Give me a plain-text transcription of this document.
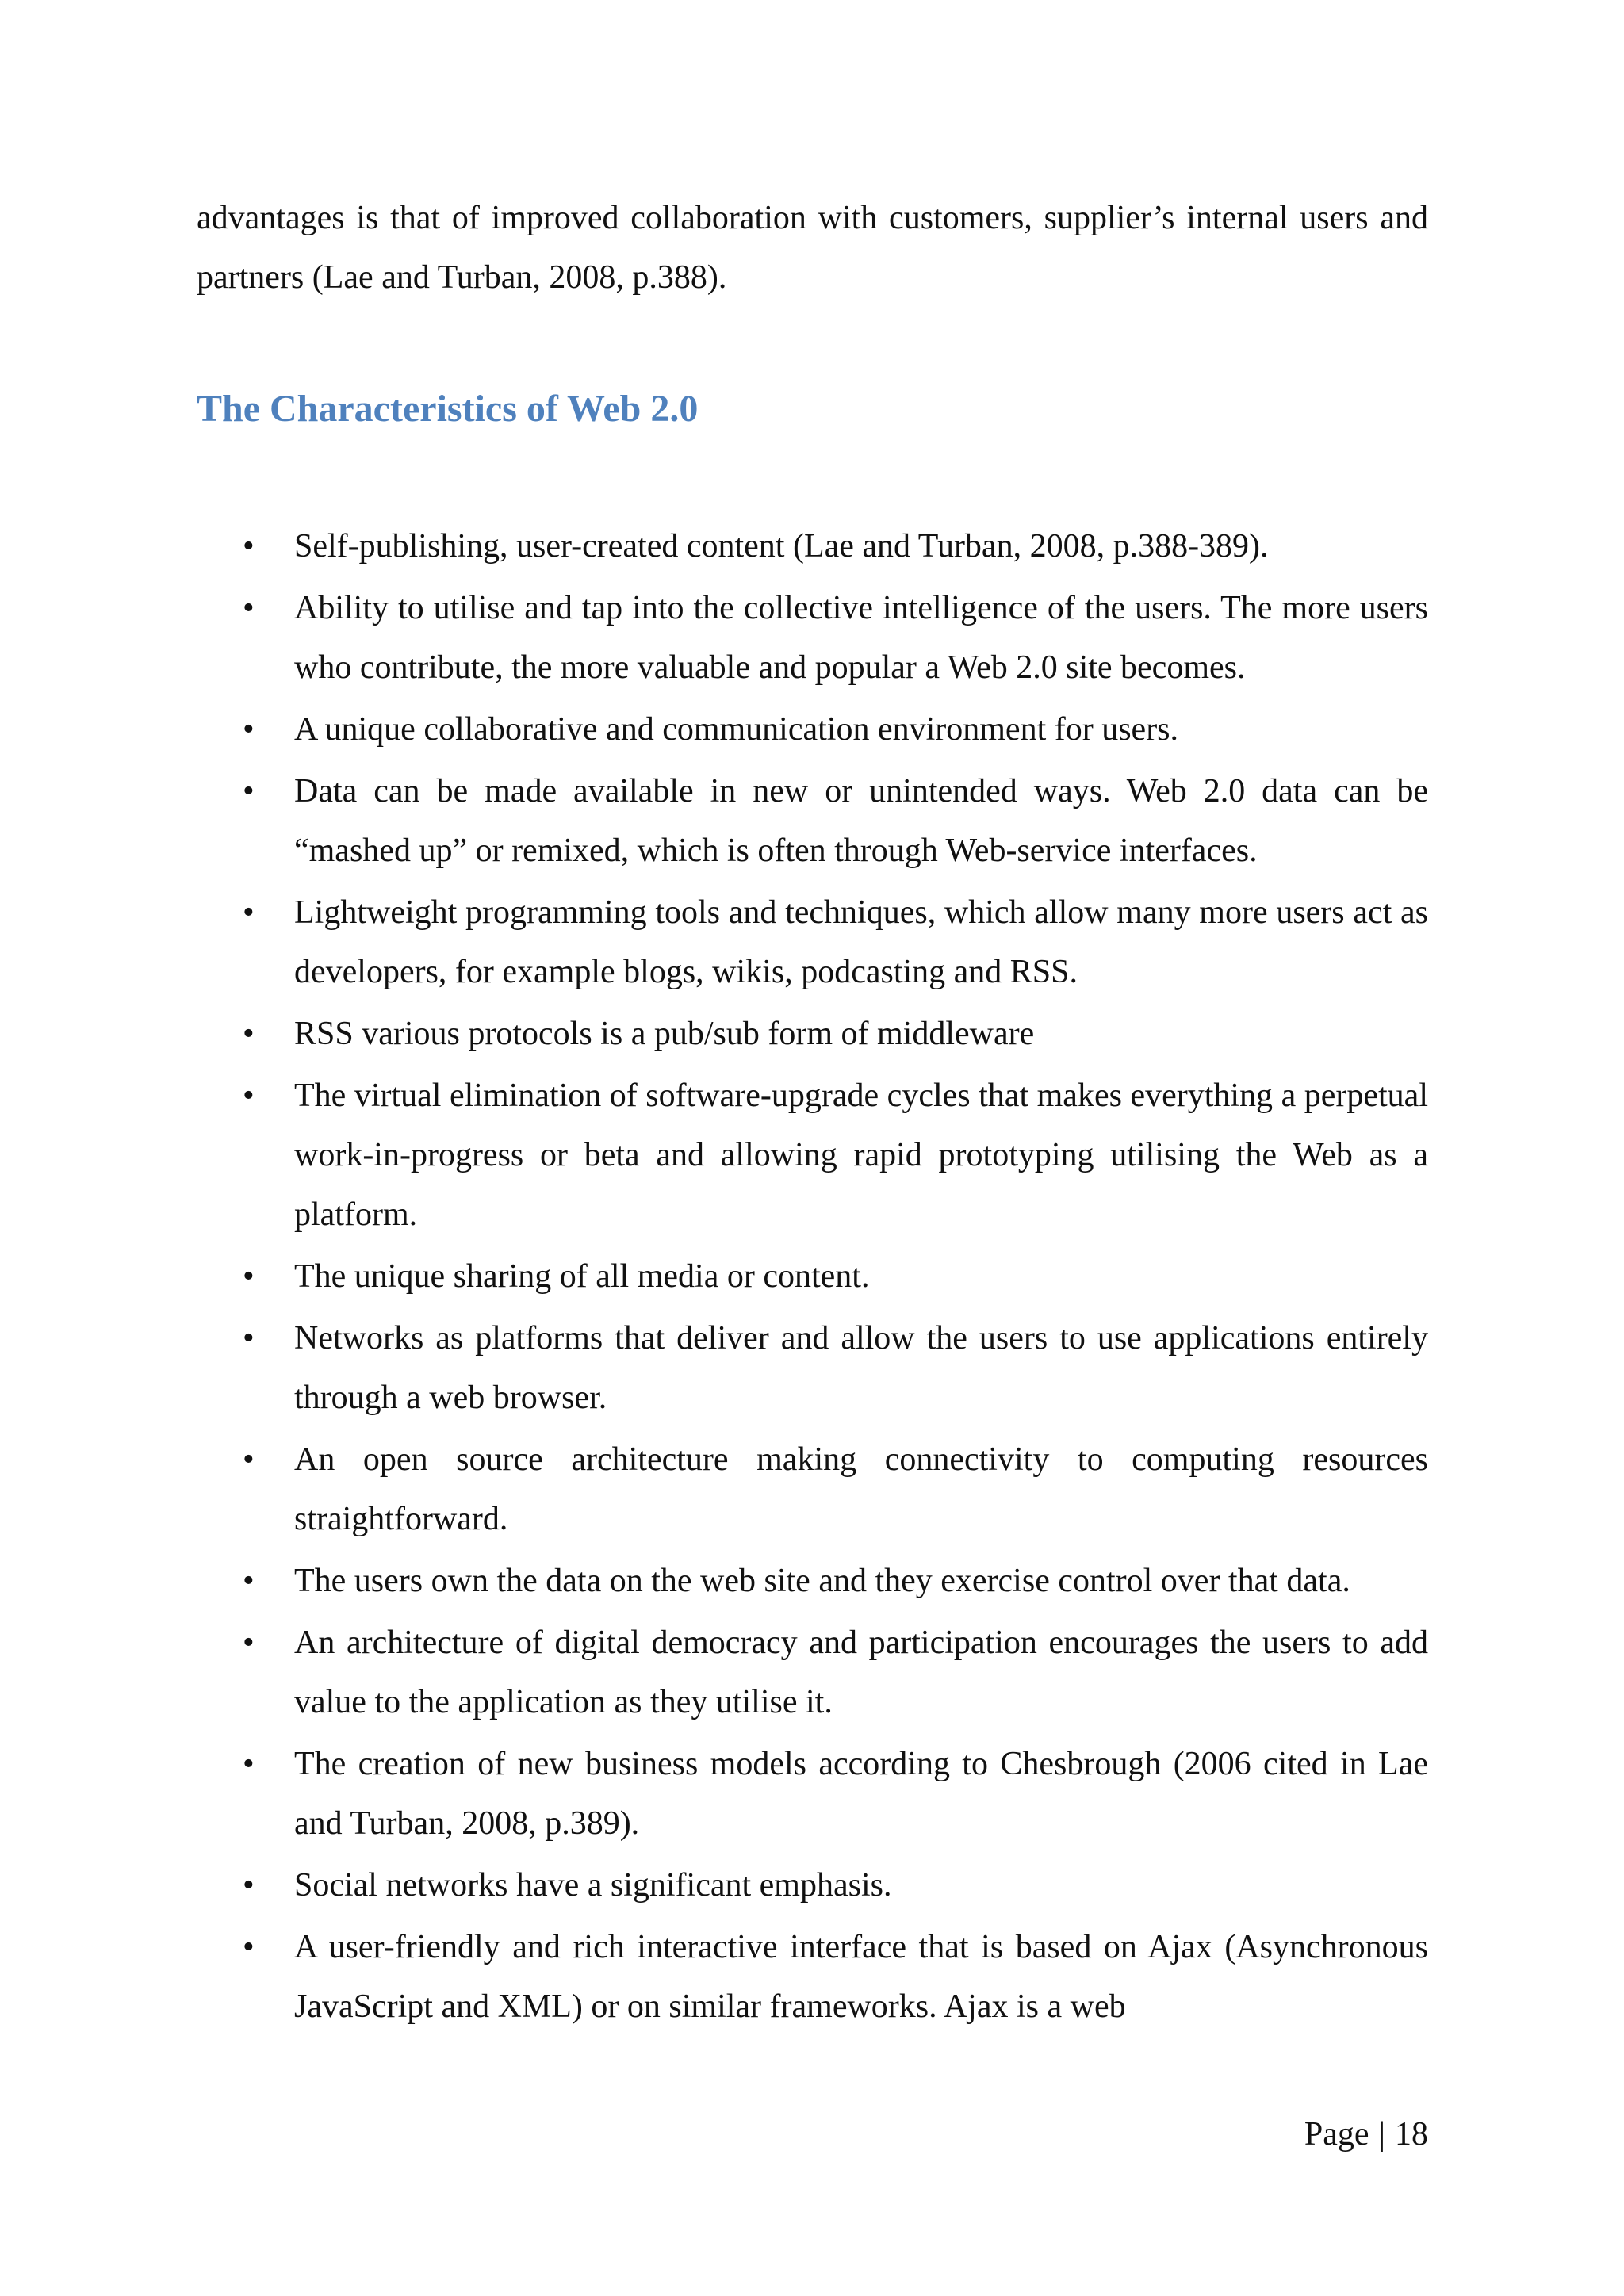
advantages is that of improved collaboration with customers, supplier’s internal users and partners (Lae and Turban, 2008, p.388).

The Characteristics of Web 2.0
• Self-publishing, user-created content (Lae and Turban, 2008, p.388-389).
• Ability to utilise and tap into the collective intelligence of the users. The more users who contribute, the more valuable and popular a Web 2.0 site becomes.
• A unique collaborative and communication environment for users.
• Data can be made available in new or unintended ways. Web 2.0 data can be “mashed up” or remixed, which is often through Web-service interfaces.
• Lightweight programming tools and techniques, which allow many more users act as developers, for example blogs, wikis, podcasting and RSS.
• RSS various protocols is a pub/sub form of middleware
• The virtual elimination of software-upgrade cycles that makes everything a perpetual work-in-progress or beta and allowing rapid prototyping utilising the Web as a platform.
• The unique sharing of all media or content.
• Networks as platforms that deliver and allow the users to use applications entirely through a web browser.
• An open source architecture making connectivity to computing resources straightforward.
• The users own the data on the web site and they exercise control over that data.
• An architecture of digital democracy and participation encourages the users to add value to the application as they utilise it.
• The creation of new business models according to Chesbrough (2006 cited in Lae and Turban, 2008, p.389).
• Social networks have a significant emphasis.
• A user-friendly and rich interactive interface that is based on Ajax (Asynchronous JavaScript and XML) or on similar frameworks. Ajax is a web
Page | 18
